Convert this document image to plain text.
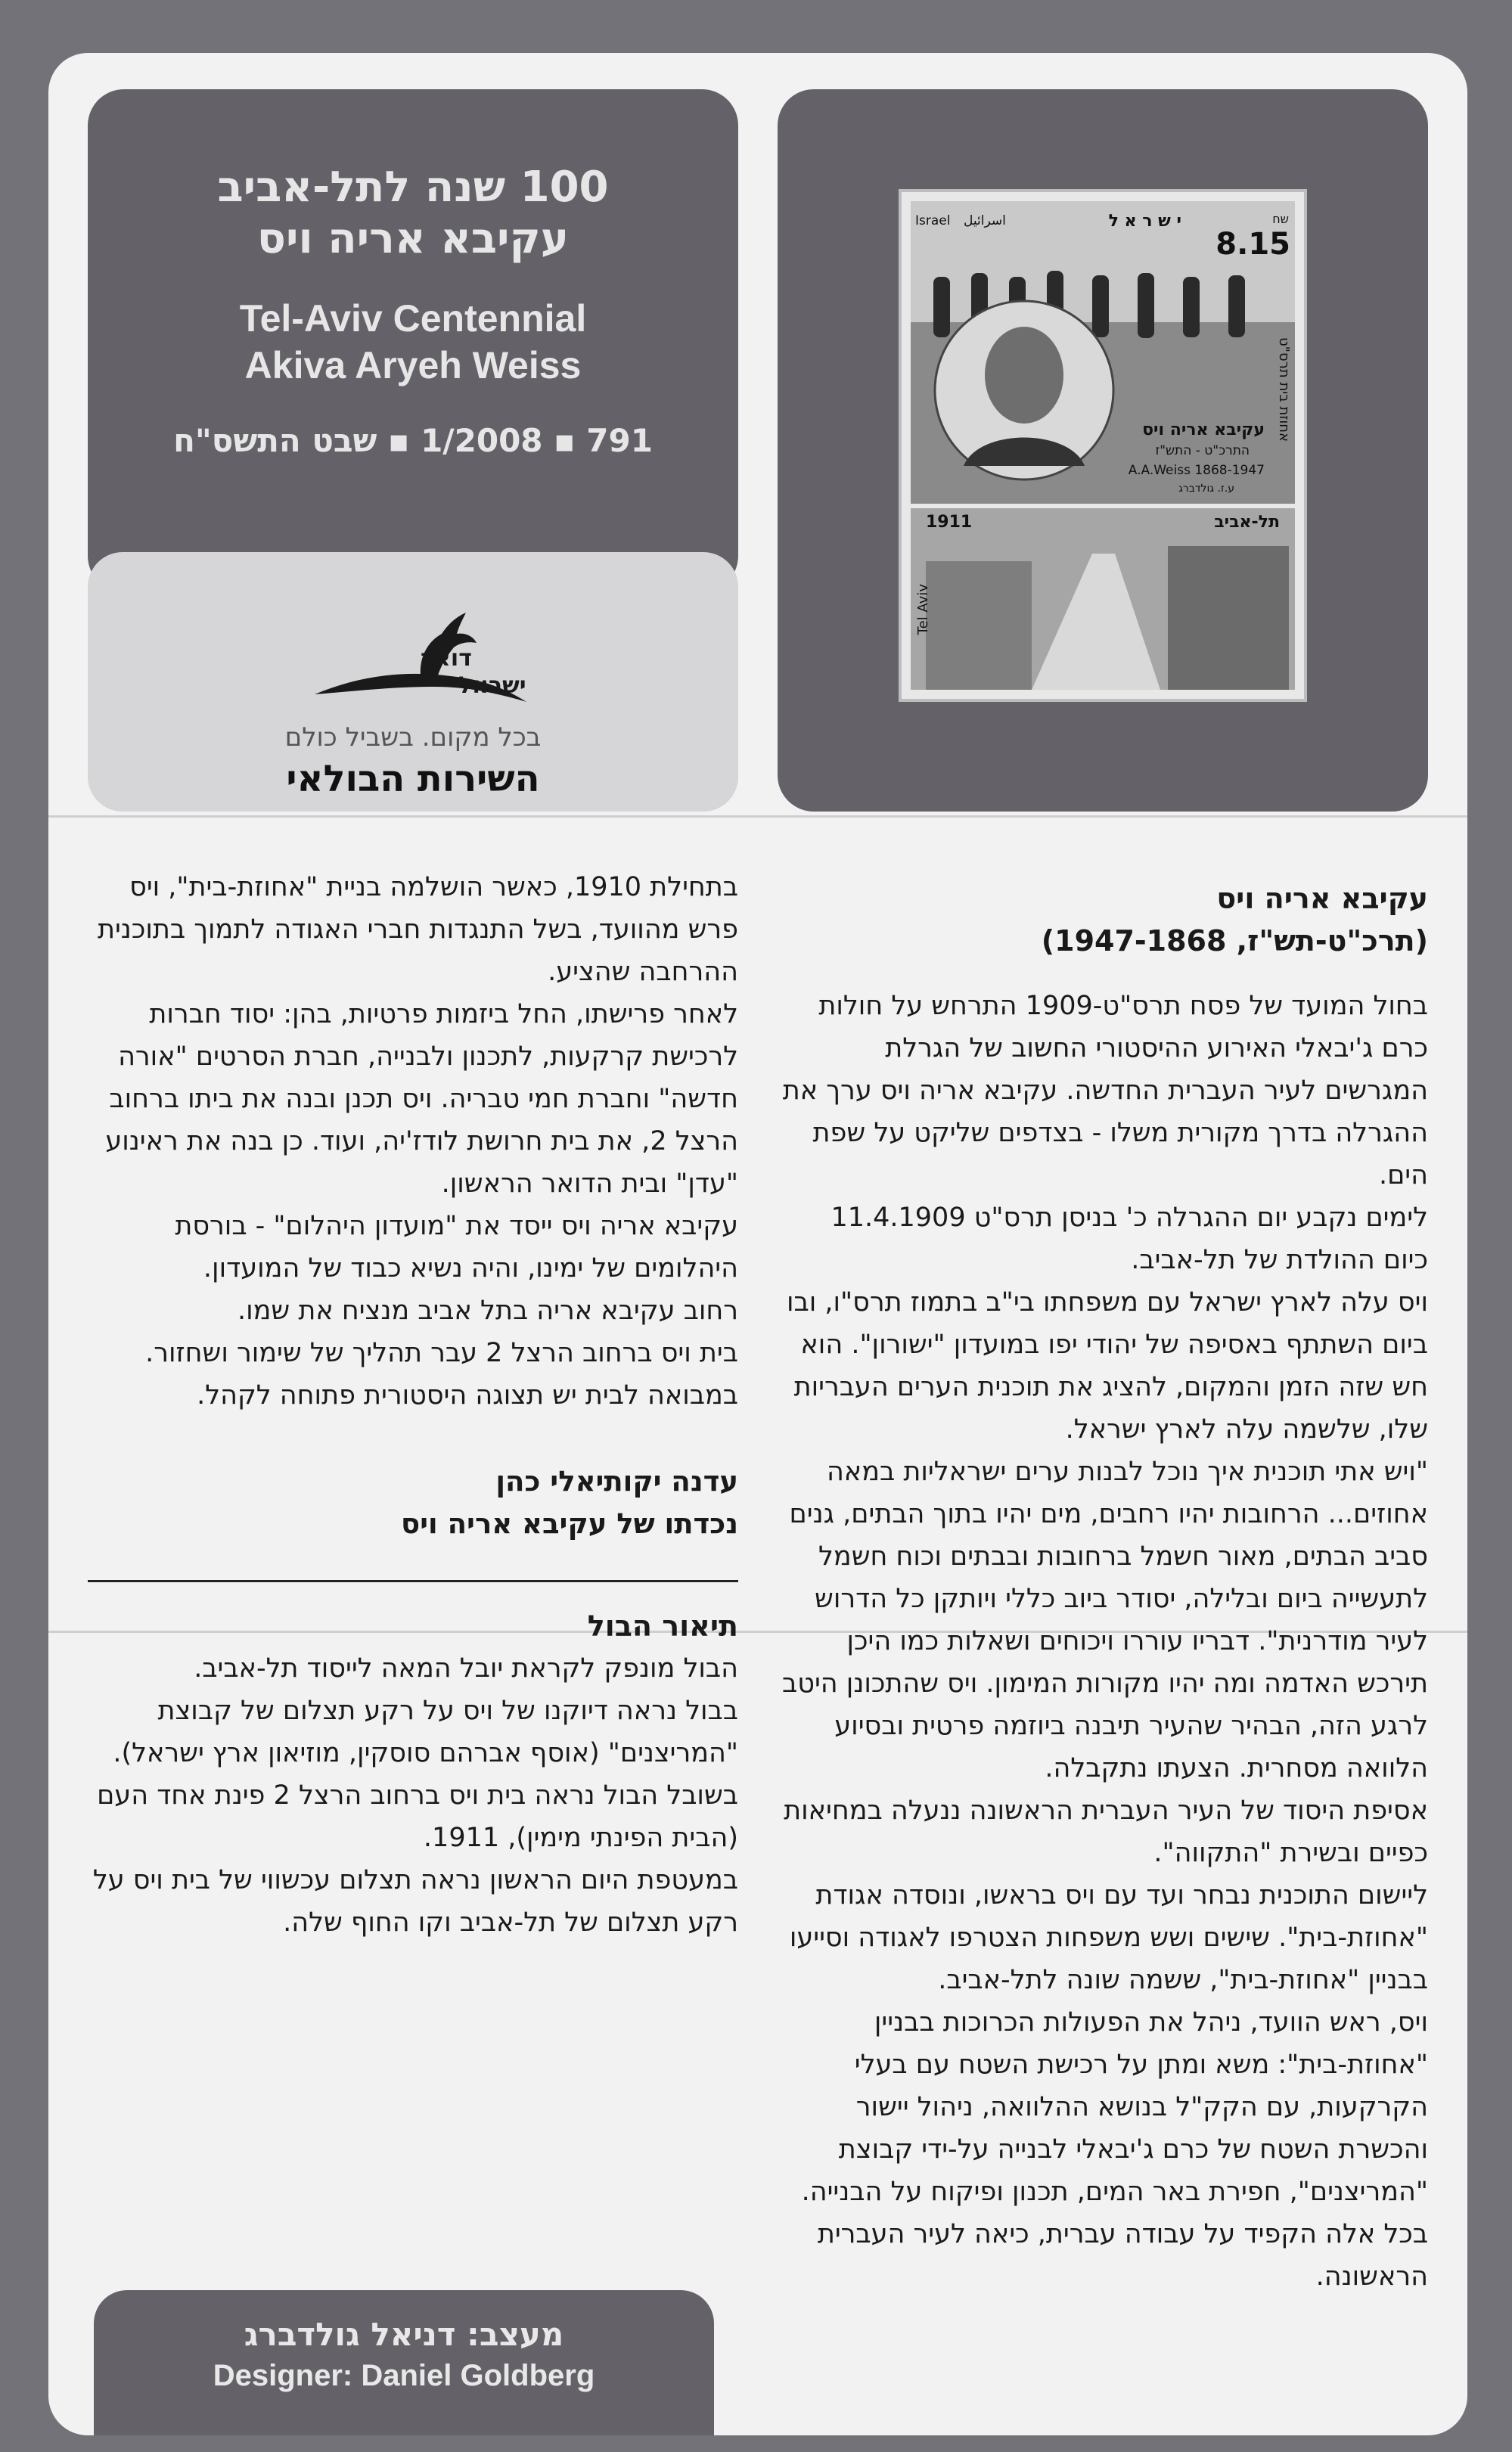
100 שנה לתל-אביב
עקיבא אריה ויס
Tel-Aviv Centennial
Akiva Aryeh Weiss
791 ▪ 1/2008 ▪ שבט התשס"ח
דואר
ישראל
בכל מקום. בשביל כולם
השירות הבולאי
י ש ר א ל
Israel اسرائيل	שח
8.15
עקיבא אריה ויס
התרכ"ט - התש"ז
A.A.Weiss 1868-1947
ע.ז. גולדברג
אחוזת בית תרס"ט
תל-אביב
1911
Tel Aviv

בתחילת 1910, כאשר הושלמה בניית "אחוזת-בית", ויס פרש מהוועד, בשל התנגדות חברי האגודה לתמוך בתוכנית ההרחבה שהציע.

לאחר פרישתו, החל ביזמות פרטיות, בהן: יסוד חברות לרכישת קרקעות, לתכנון ולבנייה, חברת הסרטים "אורה חדשה" וחברת חמי טבריה. ויס תכנן ובנה את ביתו ברחוב הרצל 2, את בית חרושת לודז'יה, ועוד. כן בנה את ראינוע "עדן" ובית הדואר הראשון.

עקיבא אריה ויס ייסד את "מועדון היהלום" - בורסת היהלומים של ימינו, והיה נשיא כבוד של המועדון.

רחוב עקיבא אריה בתל אביב מנציח את שמו.

בית ויס ברחוב הרצל 2 עבר תהליך של שימור ושחזור. במבואה לבית יש תצוגה היסטורית פתוחה לקהל.

עדנה יקותיאלי כהן
נכדתו של עקיבא אריה ויס

תיאור הבול

הבול מונפק לקראת יובל המאה לייסוד תל-אביב.

בבול נראה דיוקנו של ויס על רקע תצלום של קבוצת "המריצנים" (אוסף אברהם סוסקין, מוזיאון ארץ ישראל).

בשובל הבול נראה בית ויס ברחוב הרצל 2 פינת אחד העם (הבית הפינתי מימין), 1911.

במעטפת היום הראשון נראה תצלום עכשווי של בית ויס על רקע תצלום של תל-אביב וקו החוף שלה.

עקיבא אריה ויס

(תרכ"ט-תש"ז, 1947-1868)

בחול המועד של פסח תרס"ט-1909 התרחש על חולות כרם ג'יבאלי האירוע ההיסטורי החשוב של הגרלת המגרשים לעיר העברית החדשה. עקיבא אריה ויס ערך את ההגרלה בדרך מקורית משלו - בצדפים שליקט על שפת הים.

לימים נקבע יום ההגרלה כ' בניסן תרס"ט 11.4.1909 כיום ההולדת של תל-אביב.

ויס עלה לארץ ישראל עם משפחתו בי"ב בתמוז תרס"ו, ובו ביום השתתף באסיפה של יהודי יפו במועדון "ישורון". הוא חש שזה הזמן והמקום, להציג את תוכנית הערים העבריות שלו, שלשמה עלה לארץ ישראל.

"ויש אתי תוכנית איך נוכל לבנות ערים ישראליות במאה אחוזים... הרחובות יהיו רחבים, מים יהיו בתוך הבתים, גנים סביב הבתים, מאור חשמל ברחובות ובבתים וכוח חשמל לתעשייה ביום ובלילה, יסודר ביוב כללי ויותקן כל הדרוש לעיר מודרנית". דבריו עוררו ויכוחים ושאלות כמו היכן תירכש האדמה ומה יהיו מקורות המימון. ויס שהתכונן היטב לרגע הזה, הבהיר שהעיר תיבנה ביוזמה פרטית ובסיוע הלוואה מסחרית. הצעתו נתקבלה.

אסיפת היסוד של העיר העברית הראשונה ננעלה במחיאות כפיים ובשירת "התקווה".

ליישום התוכנית נבחר ועד עם ויס בראשו, ונוסדה אגודת "אחוזת-בית". שישים ושש משפחות הצטרפו לאגודה וסייעו בבניין "אחוזת-בית", ששמה שונה לתל-אביב.

ויס, ראש הוועד, ניהל את הפעולות הכרוכות בבניין "אחוזת-בית": משא ומתן על רכישת השטח עם בעלי הקרקעות, עם הקק"ל בנושא ההלוואה, ניהול יישור והכשרת השטח של כרם ג'יבאלי לבנייה על-ידי קבוצת "המריצנים", חפירת באר המים, תכנון ופיקוח על הבנייה. בכל אלה הקפיד על עבודה עברית, כיאה לעיר העברית הראשונה.

מעצב: דניאל גולדברג
Designer: Daniel Goldberg
